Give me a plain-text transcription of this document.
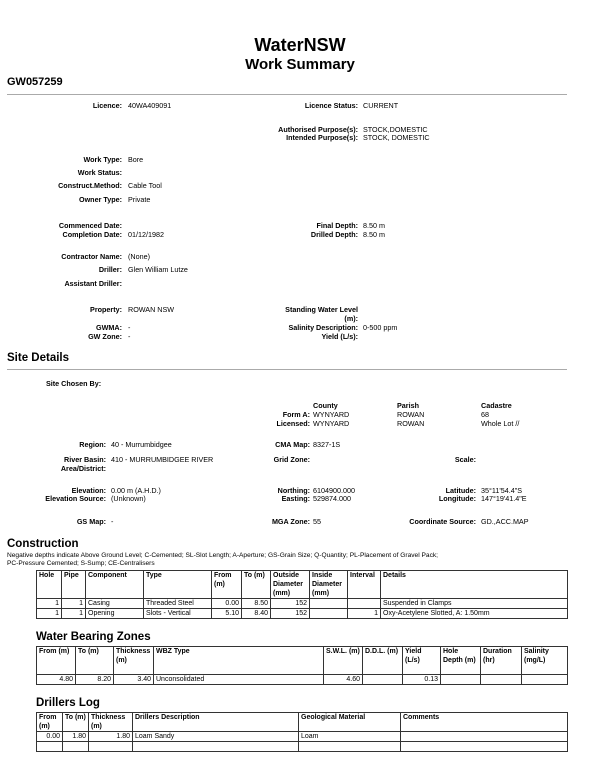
WaterNSW
Work Summary
GW057259
Licence: 40WA409091	Licence Status: CURRENT
Authorised Purpose(s): STOCK,DOMESTIC
Intended Purpose(s): STOCK, DOMESTIC
Work Type: Bore
Work Status:
Construct.Method: Cable Tool
Owner Type: Private
Commenced Date:
Completion Date: 01/12/1982
Final Depth: 8.50 m
Drilled Depth: 8.50 m
Contractor Name: (None)
Driller: Glen William Lutze
Assistant Driller:
Property: ROWAN NSW
GWMA: -
GW Zone: -
Standing Water Level
(m):
Salinity Description: 0-500 ppm
Yield (L/s):
Site Details
Site Chosen By:
County	Parish	Cadastre
Form A: WYNYARD	ROWAN	68
Licensed: WYNYARD	ROWAN	Whole Lot //
Region: 40 - Murrumbidgee	CMA Map: 8327-1S
River Basin:
Area/District:
410 - MURRUMBIDGEE RIVER	Grid Zone:	Scale:
Elevation: 0.00 m (A.H.D.)
Elevation Source: (Unknown)
Northing: 6104900.000
Easting: 529874.000
Latitude: 35°11'54.4"S
Longitude: 147°19'41.4"E
GS Map: -	MGA Zone: 55	Coordinate Source: GD.,ACC.MAP
Construction
Negative depths indicate Above Ground Level; C-Cemented; SL-Slot Length; A-Aperture; GS-Grain Size; Q-Quantity; PL-Placement of Gravel Pack;
PC-Pressure Cemented; S-Sump; CE-Centralisers
Hole	Pipe	Component	Type	From (m)	To (m)	Outside Diameter (mm)	Inside Diameter (mm)	Interval	Details
1	1	Casing	Threaded Steel	0.00	8.50	152			Suspended in Clamps
1	1	Opening	Slots - Vertical	5.10	8.40	152		1	Oxy-Acetylene Slotted, A: 1.50mm
Water Bearing Zones
From (m)	To (m)	Thickness (m)	WBZ Type	S.W.L. (m)	D.D.L. (m)	Yield (L/s)	Hole Depth (m)	Duration (hr)	Salinity (mg/L)
4.80	8.20	3.40	Unconsolidated	4.60		0.13			
Drillers Log
From (m)	To (m)	Thickness (m)	Drillers Description	Geological Material	Comments
0.00	1.80	1.80	Loam Sandy	Loam	
